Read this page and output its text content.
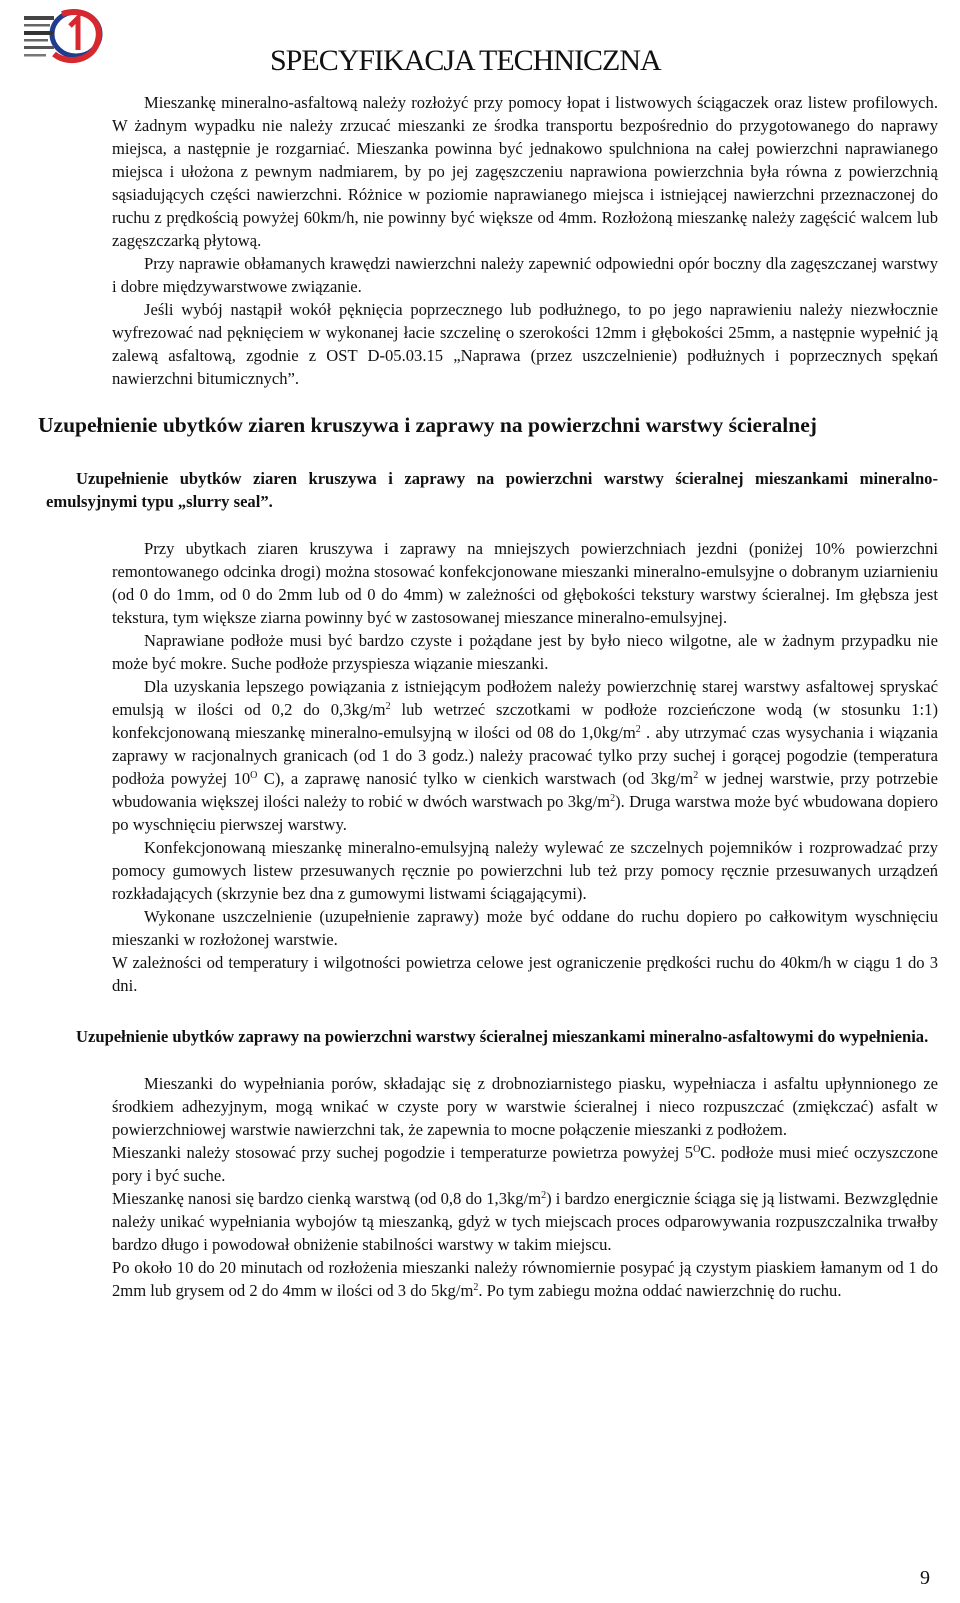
SPECYFIKACJA TECHNICZNA

Mieszankę mineralno-asfaltową należy rozłożyć przy pomocy łopat i listwowych ściągaczek oraz listew profilowych. W żadnym wypadku nie należy zrzucać mieszanki ze środka transportu bezpośrednio do przygotowanego do naprawy miejsca, a następnie je rozgarniać. Mieszanka powinna być jednakowo spulchniona na całej powierzchni naprawianego miejsca i ułożona z pewnym nadmiarem, by po jej zagęszczeniu naprawiona powierzchnia była równa z powierzchnią sąsiadujących części nawierzchni. Różnice w poziomie naprawianego miejsca i istniejącej nawierzchni przeznaczonej do ruchu z prędkością powyżej 60km/h, nie powinny być większe od 4mm. Rozłożoną mieszankę należy zagęścić walcem lub zagęszczarką płytową.

Przy naprawie obłamanych krawędzi nawierzchni należy zapewnić odpowiedni opór boczny dla zagęszczanej warstwy i dobre międzywarstwowe związanie.

Jeśli wybój nastąpił wokół pęknięcia poprzecznego lub podłużnego, to po jego naprawieniu należy niezwłocznie wyfrezować nad pęknięciem w wykonanej łacie szczelinę o szerokości 12mm i głębokości 25mm, a następnie wypełnić ją zalewą asfaltową, zgodnie z OST D-05.03.15 „Naprawa (przez uszczelnienie) podłużnych i poprzecznych spękań nawierzchni bitumicznych”.

Uzupełnienie ubytków ziaren kruszywa i zaprawy na powierzchni warstwy ścieralnej

Uzupełnienie ubytków ziaren kruszywa i zaprawy na powierzchni warstwy ścieralnej mieszankami mineralno-emulsyjnymi typu „slurry seal”.

Przy ubytkach ziaren kruszywa i zaprawy na mniejszych powierzchniach jezdni (poniżej 10% powierzchni remontowanego odcinka drogi) można stosować konfekcjonowane mieszanki mineralno-emulsyjne o dobranym uziarnieniu (od 0 do 1mm, od 0 do 2mm lub od 0 do 4mm) w zależności od głębokości tekstury warstwy ścieralnej. Im głębsza jest tekstura, tym większe ziarna powinny być w zastosowanej mieszance mineralno-emulsyjnej.

Naprawiane podłoże musi być bardzo czyste i pożądane jest by było nieco wilgotne, ale w żadnym przypadku nie może być mokre. Suche podłoże przyspiesza wiązanie mieszanki.

Dla uzyskania lepszego powiązania z istniejącym podłożem należy powierzchnię starej warstwy asfaltowej spryskać emulsją w ilości od 0,2 do $0,3kg/m^2$ lub wetrzeć szczotkami w podłoże rozcieńczone wodą (w stosunku 1:1) konfekcjonowaną mieszankę mineralno-emulsyjną w ilości od 08 do $1,0kg/m^2$ . aby utrzymać czas wysychania i wiązania zaprawy w racjonalnych granicach (od 1 do 3 godz.) należy pracować tylko przy suchej i gorącej pogodzie (temperatura podłoża powyżej $10^O$ C), a zaprawę nanosić tylko w cienkich warstwach (od $3kg/m^2$ w jednej warstwie, przy potrzebie wbudowania większej ilości należy to robić w dwóch warstwach po $3kg/m^2$). Druga warstwa może być wbudowana dopiero po wyschnięciu pierwszej warstwy.

Konfekcjonowaną mieszankę mineralno-emulsyjną należy wylewać ze szczelnych pojemników i rozprowadzać przy pomocy gumowych listew przesuwanych ręcznie po powierzchni lub też przy pomocy ręcznie przesuwanych urządzeń rozkładających (skrzynie bez dna z gumowymi listwami ściągającymi).

Wykonane uszczelnienie (uzupełnienie zaprawy) może być oddane do ruchu dopiero po całkowitym wyschnięciu mieszanki w rozłożonej warstwie.

W zależności od temperatury i wilgotności powietrza celowe jest ograniczenie prędkości ruchu do 40km/h w ciągu 1 do 3 dni.

Uzupełnienie ubytków zaprawy na powierzchni warstwy ścieralnej mieszankami mineralno-asfaltowymi do wypełnienia.

Mieszanki do wypełniania porów, składając się z drobnoziarnistego piasku, wypełniacza i asfaltu upłynnionego ze środkiem adhezyjnym, mogą wnikać w czyste pory w warstwie ścieralnej i nieco rozpuszczać (zmiękczać) asfalt w powierzchniowej warstwie nawierzchni tak, że zapewnia to mocne połączenie mieszanki z podłożem.

Mieszanki należy stosować przy suchej pogodzie i temperaturze powietrza powyżej $5^OC$. podłoże musi mieć oczyszczone pory i być suche.

Mieszankę nanosi się bardzo cienką warstwą (od 0,8 do $1,3kg/m^2$) i bardzo energicznie ściąga się ją listwami. Bezwzględnie należy unikać wypełniania wybojów tą mieszanką, gdyż w tych miejscach proces odparowywania rozpuszczalnika trwałby bardzo długo i powodował obniżenie stabilności warstwy w takim miejscu.

Po około 10 do 20 minutach od rozłożenia mieszanki należy równomiernie posypać ją czystym piaskiem łamanym od 1 do 2mm lub grysem od 2 do 4mm w ilości od 3 do $5kg/m^2$. Po tym zabiegu można oddać nawierzchnię do ruchu.

9
